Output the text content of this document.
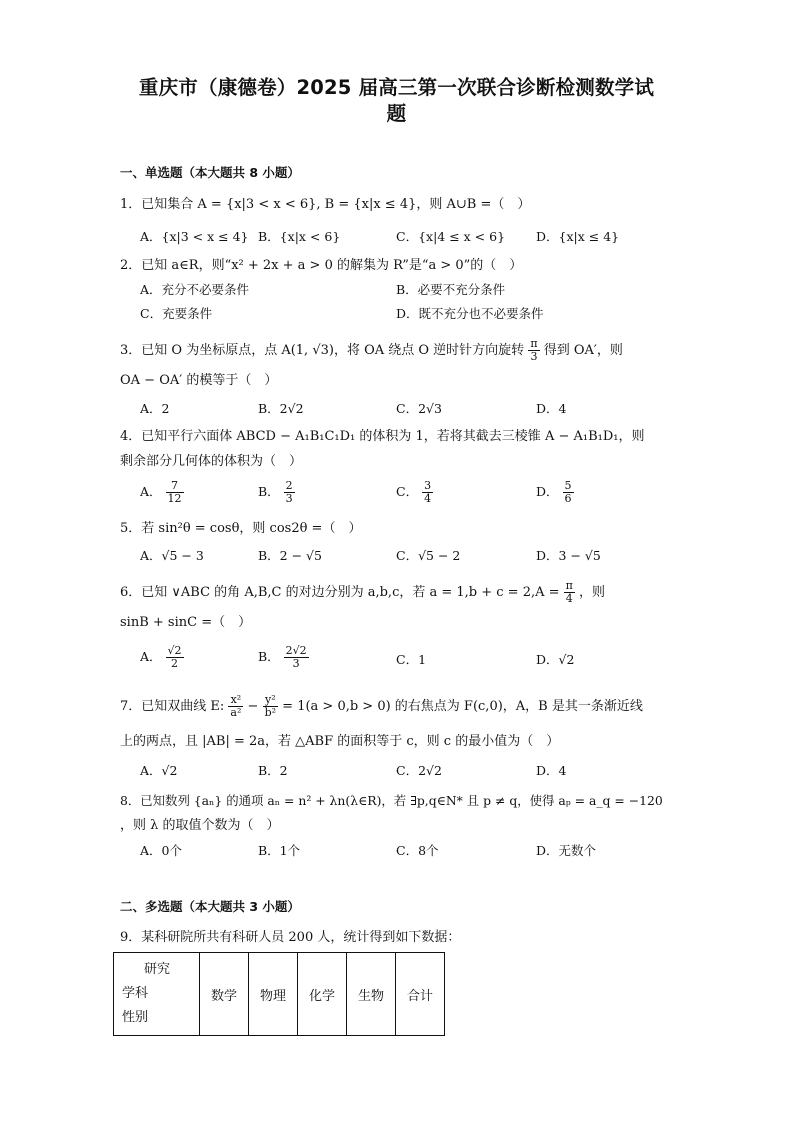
重庆市（康德卷）2025 届高三第一次联合诊断检测数学试
题
一、单选题（本大题共 8 小题）
1．已知集合 A = {x|3 < x < 6}, B = {x|x ≤ 4}，则 A∪B =（　）
A．{x|3 < x ≤ 4} B．{x|x < 6}	C．{x|4 ≤ x < 6} D．{x|x ≤ 4}
2．已知 a∈R，则“x² + 2x + a > 0 的解集为 R”是“a > 0”的（　）
A．充分不必要条件	B．必要不充分条件
C．充要条件	D．既不充分也不必要条件
3．已知 O 为坐标原点，点 A(1, √3)，将 OA 绕点 O 逆时针方向旋转 $\frac{\pi}{3}$ 得到 OA′，则
OA − OA′ 的模等于（　）
A．2	B．2√2	C．2√3	D．4
4．已知平行六面体 ABCD − A₁B₁C₁D₁ 的体积为 1，若将其截去三棱锥 A − A₁B₁D₁，则
剩余部分几何体的体积为（　）
A． $\frac{7}{12}$	B． $\frac{2}{3}$	C． $\frac{3}{4}$	D． $\frac{5}{6}$
5．若 sin²θ = cosθ，则 cos2θ =（　）
A．√5 − 3	B．2 − √5	C．√5 − 2	D．3 − √5
6．已知 ∨ABC 的角 A,B,C 的对边分别为 a,b,c，若 $a = 1,b + c = 2,A = \frac{\pi}{4}$ ，则
sinB + sinC =（　）
A． $\frac{√2}{2}$	B． $\frac{2√2}{3}$	C．1	D．√2
7．已知双曲线 E: $\frac{\text{x²}}{\text{a²}} - \frac{\text{y²}}{\text{b²}} = 1(a > 0,b > 0)$ 的右焦点为 F(c,0)，A，B 是其一条渐近线
上的两点，且 |AB| = 2a，若 △ABF 的面积等于 c，则 c 的最小值为（　）
A．√2	B．2	C．2√2	D．4
8．已知数列 {aₙ} 的通项 aₙ = n² + λn(λ∈R)，若 ∃p,q∈N* 且 p ≠ q，使得 aₚ = a_q = −120
，则 λ 的取值个数为（　）
A．0个	B．1个	C．8个	D．无数个
二、多选题（本大题共 3 小题）
9．某科研院所共有科研人员 200 人，统计得到如下数据：
研究
学科
性别
	数学	物理	化学	生物	合计
